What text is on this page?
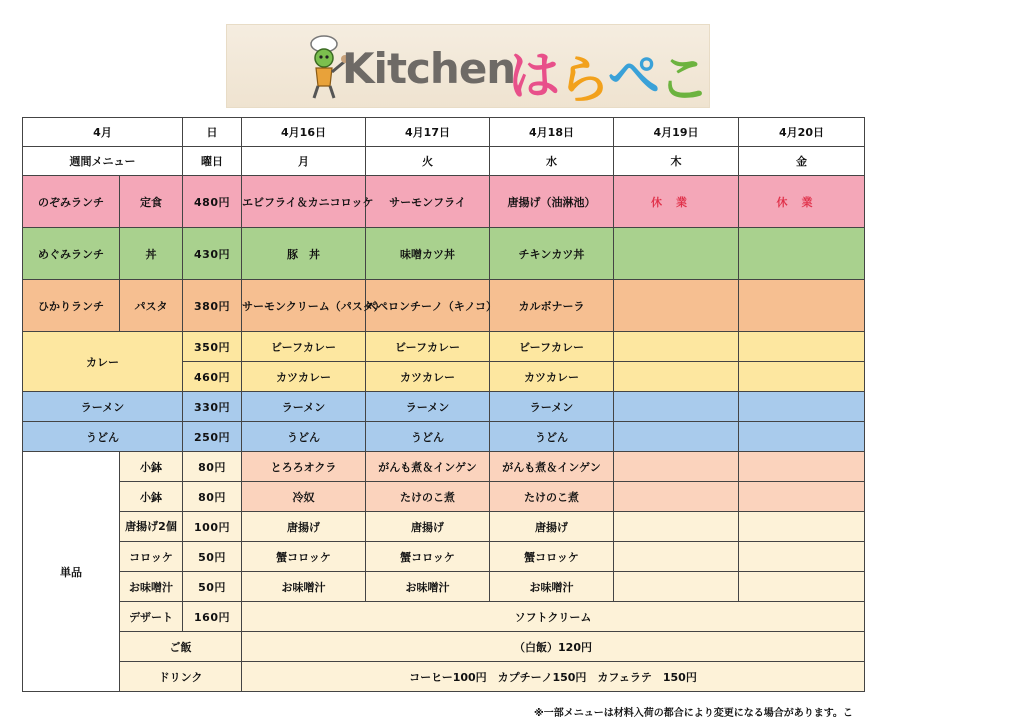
Kitchen
はらぺこ
4月		日	4月16日	4月17日	4月18日	4月19日	4月20日
週間メニュー		曜日	月	火	水	木	金
のぞみランチ	定食	480円	エビフライ＆カニコロッケ	サーモンフライ	唐揚げ（油淋池）	休業	休業
めぐみランチ	丼	430円	豚　丼	味噌カツ丼	チキンカツ丼		
ひかりランチ	パスタ	380円	サーモンクリーム（パスタ）	ペペロンチーノ（キノコ）	カルボナーラ		
カレー		350円	ビーフカレー	ビーフカレー	ビーフカレー		
		460円	カツカレー	カツカレー	カツカレー		
ラーメン		330円	ラーメン	ラーメン	ラーメン		
うどん		250円	うどん	うどん	うどん		
単品	小鉢	80円	とろろオクラ	がんも煮＆インゲン	がんも煮＆インゲン		
	小鉢	80円	冷奴	たけのこ煮	たけのこ煮		
	唐揚げ2個	100円	唐揚げ	唐揚げ	唐揚げ		
	コロッケ	50円	蟹コロッケ	蟹コロッケ	蟹コロッケ		
	お味噌汁	50円	お味噌汁	お味噌汁	お味噌汁		
	デザート	160円	ソフトクリーム				
	ご飯		（白飯）120円				
	ドリンク		コーヒー100円　カプチーノ150円　カフェラテ　150円				
※一部メニューは材料入荷の都合により変更になる場合があります。こ
